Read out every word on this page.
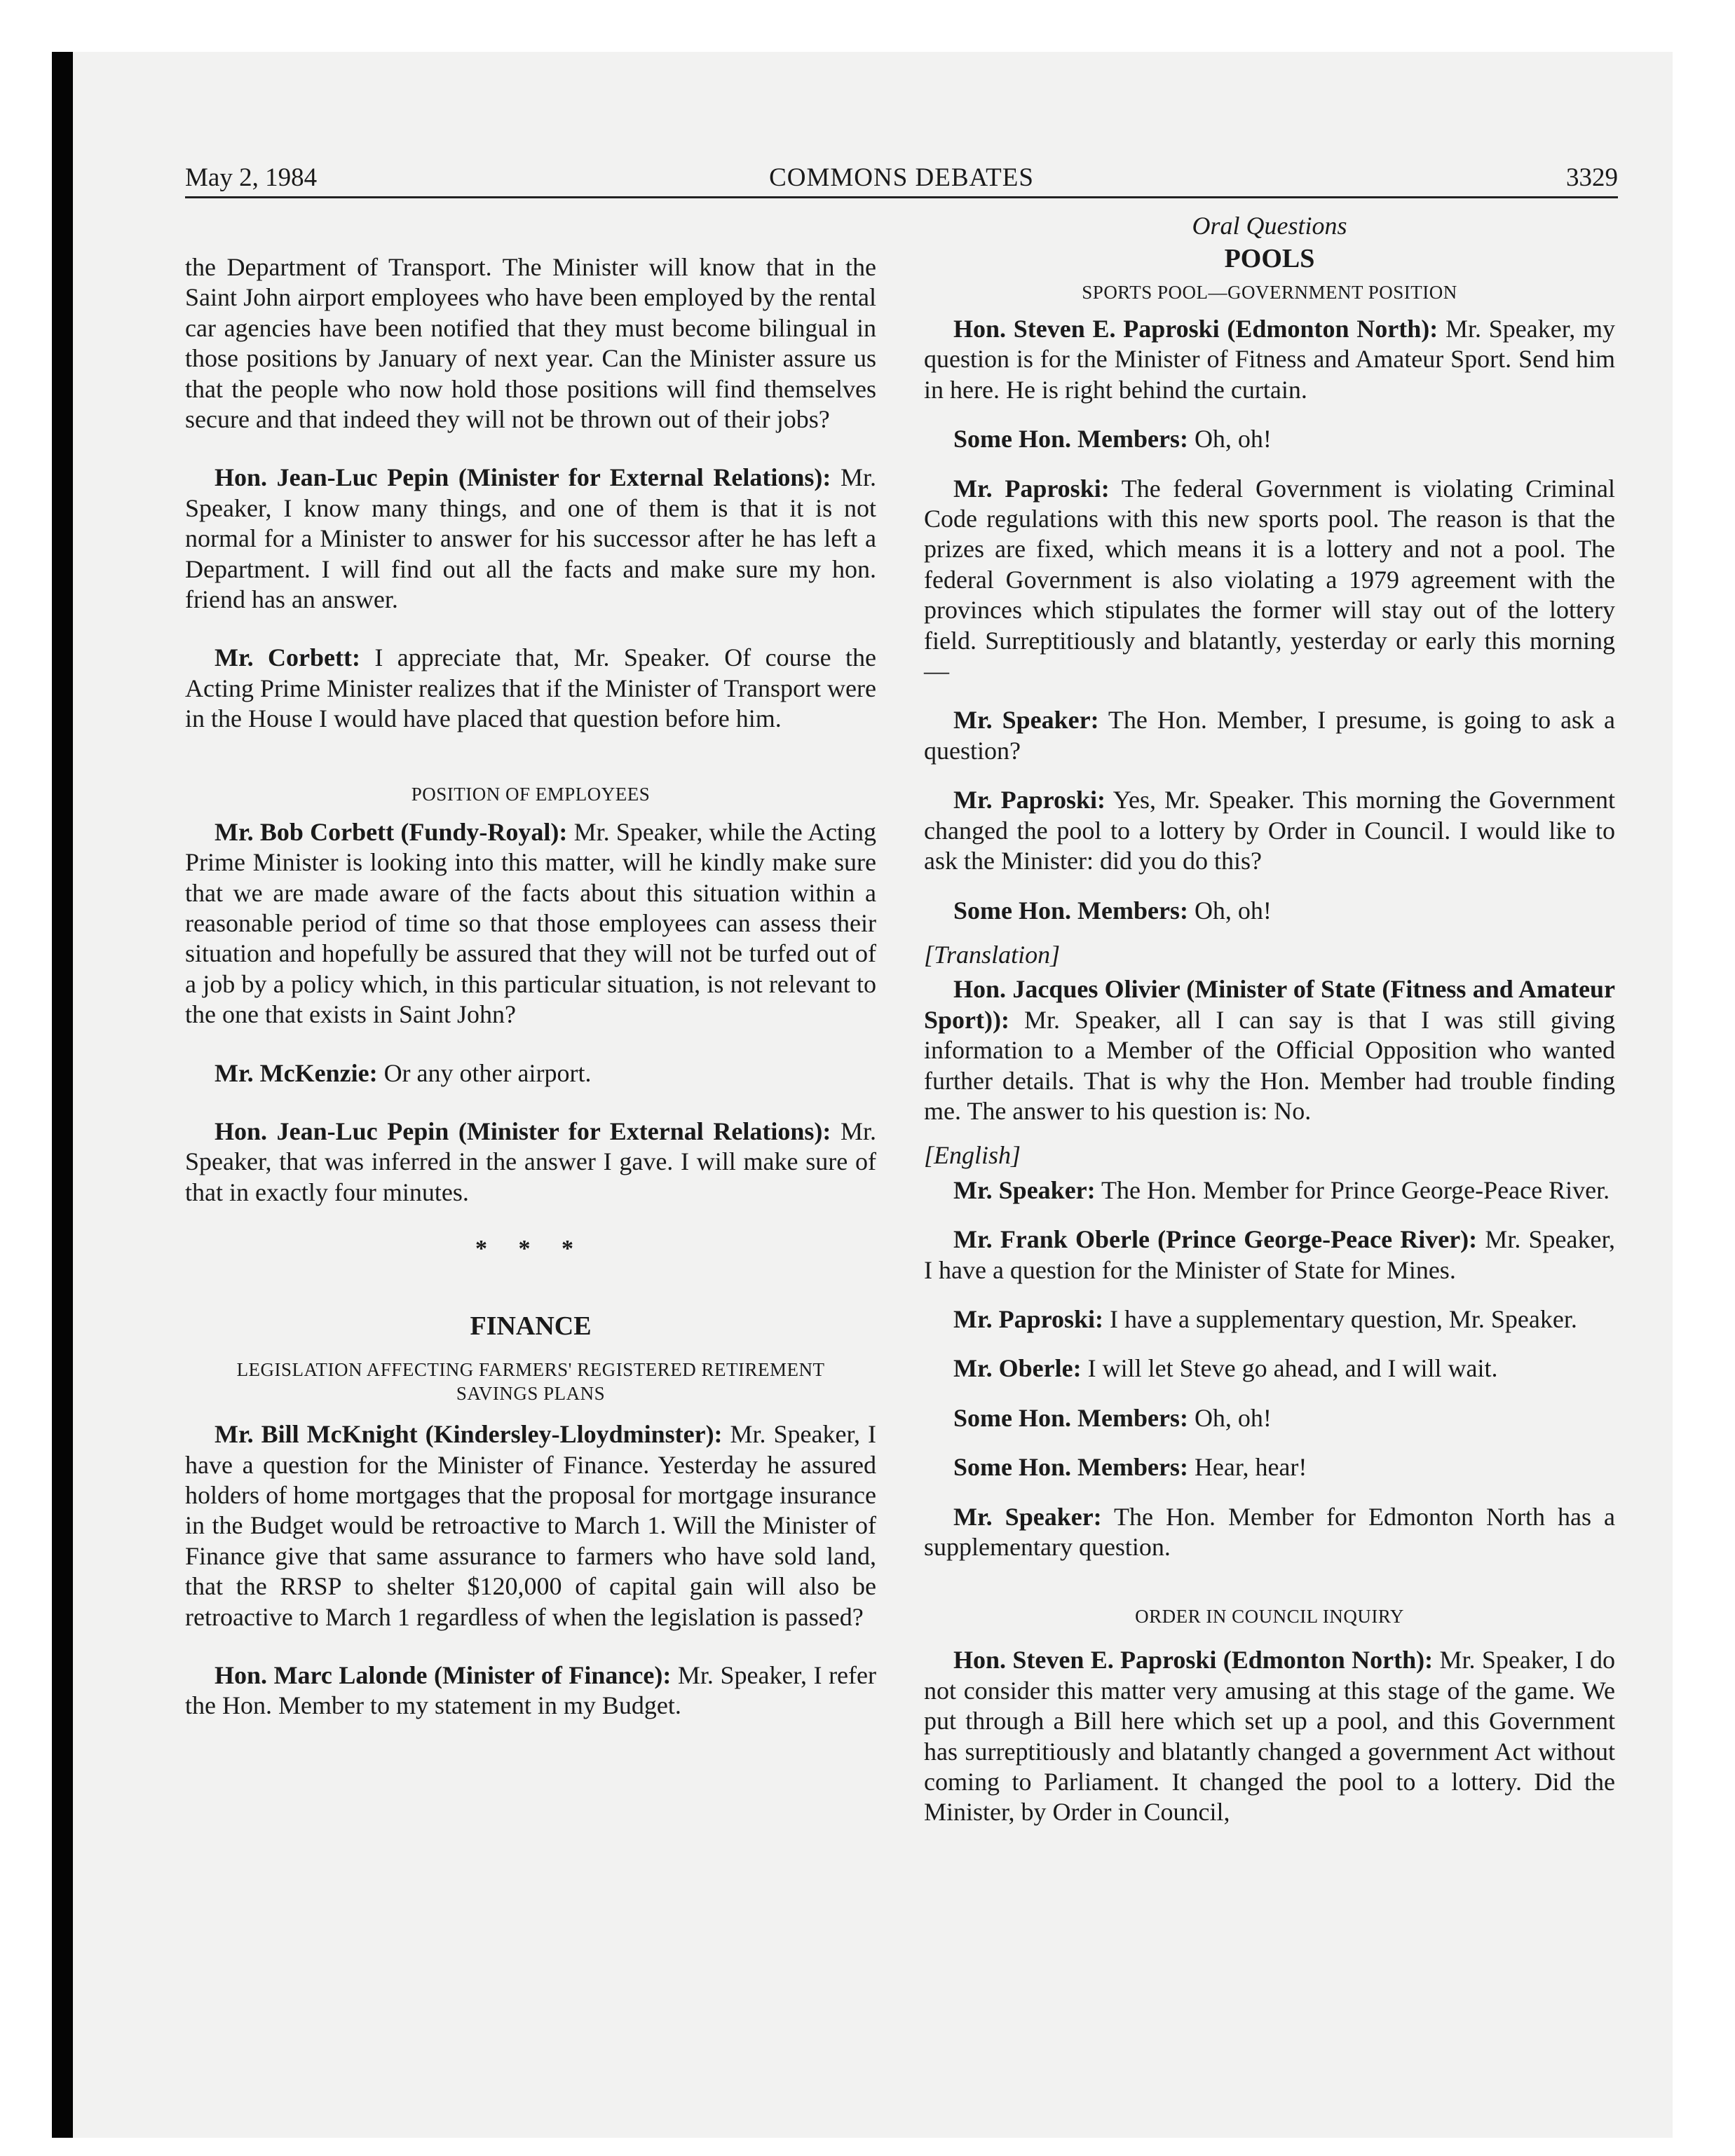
May 2, 1984	COMMONS DEBATES	3329

the Department of Transport. The Minister will know that in the Saint John airport employees who have been employed by the rental car agencies have been notified that they must become bilingual in those positions by January of next year. Can the Minister assure us that the people who now hold those positions will find themselves secure and that indeed they will not be thrown out of their jobs?

Hon. Jean-Luc Pepin (Minister for External Relations): Mr. Speaker, I know many things, and one of them is that it is not normal for a Minister to answer for his successor after he has left a Department. I will find out all the facts and make sure my hon. friend has an answer.

Mr. Corbett: I appreciate that, Mr. Speaker. Of course the Acting Prime Minister realizes that if the Minister of Transport were in the House I would have placed that question before him.

POSITION OF EMPLOYEES

Mr. Bob Corbett (Fundy-Royal): Mr. Speaker, while the Acting Prime Minister is looking into this matter, will he kindly make sure that we are made aware of the facts about this situation within a reasonable period of time so that those employees can assess their situation and hopefully be assured that they will not be turfed out of a job by a policy which, in this particular situation, is not relevant to the one that exists in Saint John?

Mr. McKenzie: Or any other airport.

Hon. Jean-Luc Pepin (Minister for External Relations): Mr. Speaker, that was inferred in the answer I gave. I will make sure of that in exactly four minutes.

* * *

FINANCE

LEGISLATION AFFECTING FARMERS' REGISTERED RETIREMENT SAVINGS PLANS

Mr. Bill McKnight (Kindersley-Lloydminster): Mr. Speaker, I have a question for the Minister of Finance. Yesterday he assured holders of home mortgages that the proposal for mortgage insurance in the Budget would be retroactive to March 1. Will the Minister of Finance give that same assurance to farmers who have sold land, that the RRSP to shelter $120,000 of capital gain will also be retroactive to March 1 regardless of when the legislation is passed?

Hon. Marc Lalonde (Minister of Finance): Mr. Speaker, I refer the Hon. Member to my statement in my Budget.

Oral Questions

POOLS

SPORTS POOL—GOVERNMENT POSITION

Hon. Steven E. Paproski (Edmonton North): Mr. Speaker, my question is for the Minister of Fitness and Amateur Sport. Send him in here. He is right behind the curtain.

Some Hon. Members: Oh, oh!

Mr. Paproski: The federal Government is violating Criminal Code regulations with this new sports pool. The reason is that the prizes are fixed, which means it is a lottery and not a pool. The federal Government is also violating a 1979 agreement with the provinces which stipulates the former will stay out of the lottery field. Surreptitiously and blatantly, yesterday or early this morning—

Mr. Speaker: The Hon. Member, I presume, is going to ask a question?

Mr. Paproski: Yes, Mr. Speaker. This morning the Government changed the pool to a lottery by Order in Council. I would like to ask the Minister: did you do this?

Some Hon. Members: Oh, oh!

[Translation]

Hon. Jacques Olivier (Minister of State (Fitness and Amateur Sport)): Mr. Speaker, all I can say is that I was still giving information to a Member of the Official Opposition who wanted further details. That is why the Hon. Member had trouble finding me. The answer to his question is: No.

[English]

Mr. Speaker: The Hon. Member for Prince George-Peace River.

Mr. Frank Oberle (Prince George-Peace River): Mr. Speaker, I have a question for the Minister of State for Mines.

Mr. Paproski: I have a supplementary question, Mr. Speaker.

Mr. Oberle: I will let Steve go ahead, and I will wait.

Some Hon. Members: Oh, oh!

Some Hon. Members: Hear, hear!

Mr. Speaker: The Hon. Member for Edmonton North has a supplementary question.

ORDER IN COUNCIL INQUIRY

Hon. Steven E. Paproski (Edmonton North): Mr. Speaker, I do not consider this matter very amusing at this stage of the game. We put through a Bill here which set up a pool, and this Government has surreptitiously and blatantly changed a government Act without coming to Parliament. It changed the pool to a lottery. Did the Minister, by Order in Council,
